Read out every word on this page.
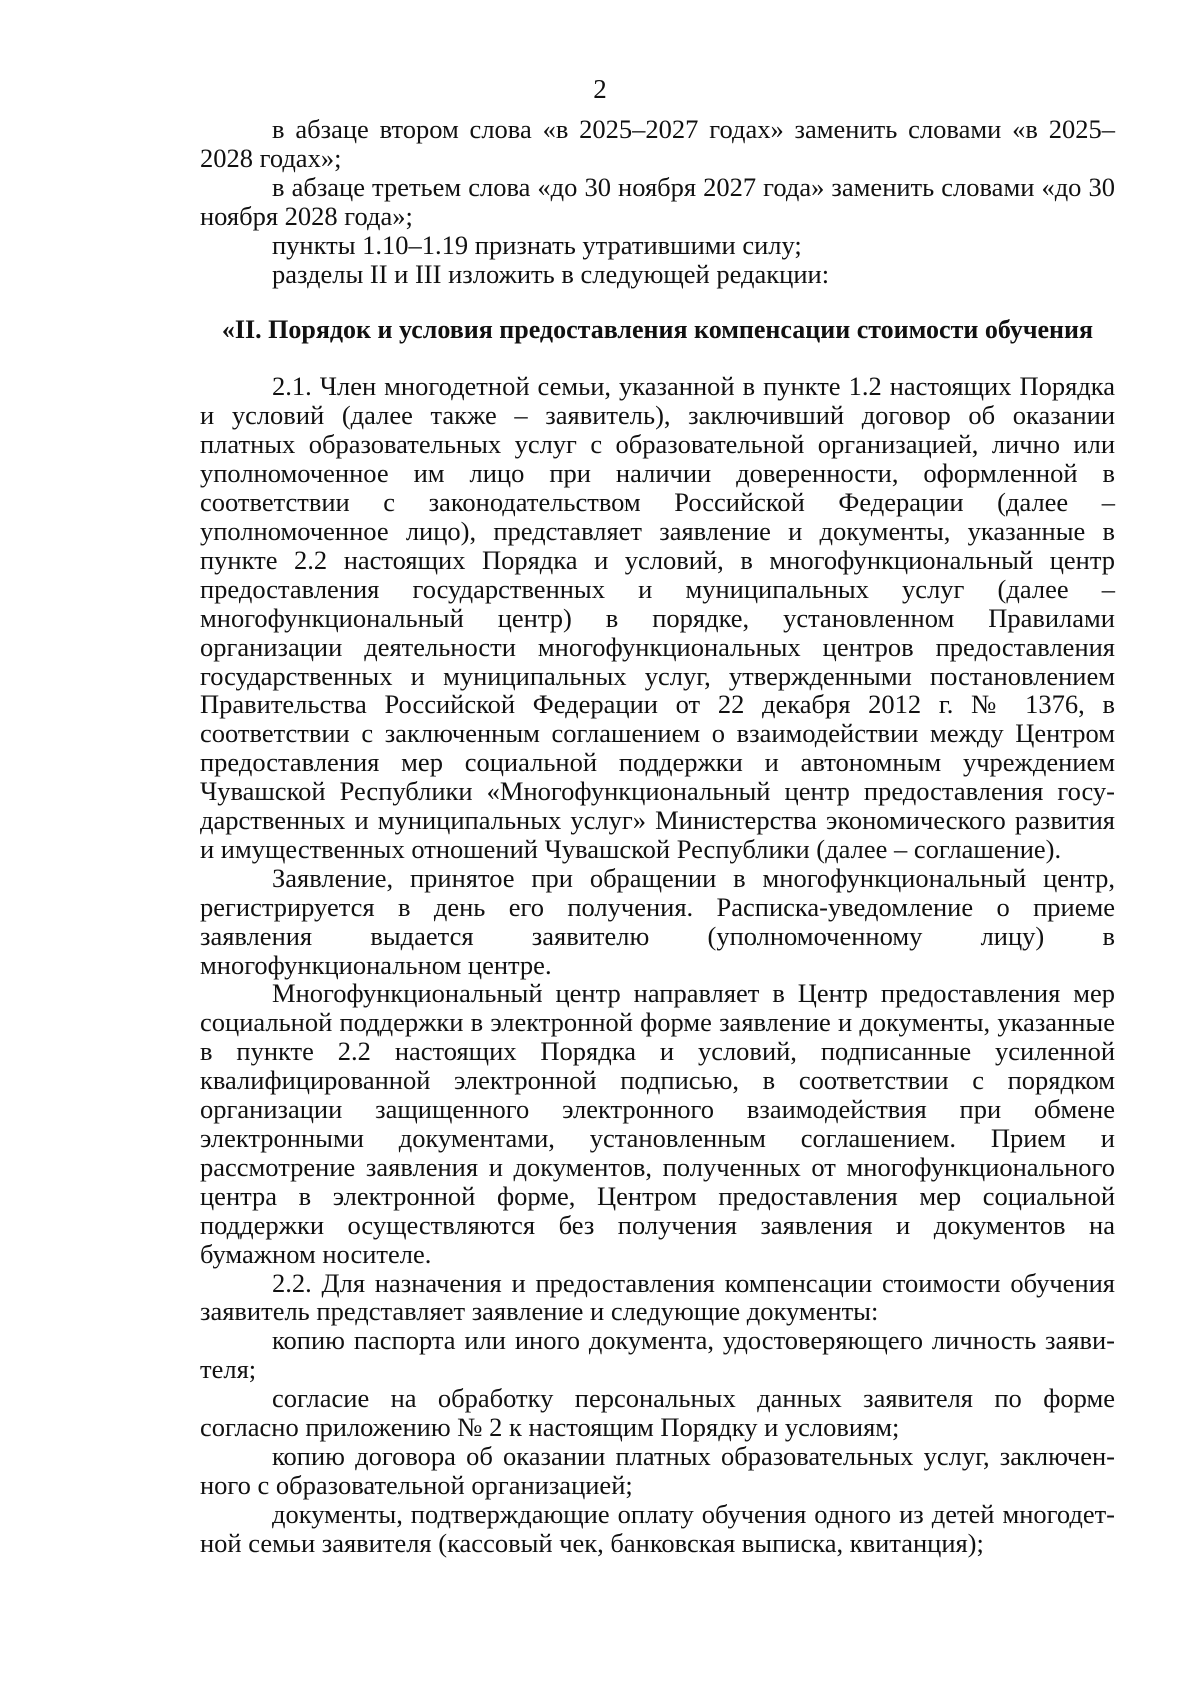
2

в абзаце втором слова «в 2025–2027 годах» заменить словами «в 2025–2028 годах»;

в абзаце третьем слова «до 30 ноября 2027 года» заменить словами «до 30 ноября 2028 года»;

пункты 1.10–1.19 признать утратившими силу;

разделы II и III изложить в следующей редакции:

«II. Порядок и условия предоставления компенсации стоимости обучения

2.1. Член многодетной семьи, указанной в пункте 1.2 настоящих Порядка и условий (далее также – заявитель), заключивший договор об оказании платных образовательных услуг с образовательной организацией, лично или уполномоченное им лицо при наличии доверенности, оформленной в соответствии с законодательством Российской Федерации (далее – уполномоченное лицо), представляет заявление и документы, указанные в пункте 2.2 настоящих Порядка и условий, в многофункциональный центр предоставления государственных и муниципальных услуг (далее – многофункциональный центр) в порядке, установленном Правилами организации деятельности многофункциональных центров предоставления государственных и муниципальных услуг, утвержденными постановлением Правительства Российской Федерации от 22 декабря 2012 г. № 1376, в соответствии с заключенным соглашением о взаимодействии между Центром предоставления мер социальной поддержки и автономным учреждением Чувашской Республики «Многофункциональный центр предоставления государственных и муниципальных услуг» Министерства экономического развития и имущественных отношений Чувашской Республики (далее – соглашение).

Заявление, принятое при обращении в многофункциональный центр, регистрируется в день его получения. Расписка-уведомление о приеме заявления выдается заявителю (уполномоченному лицу) в многофункциональном центре.

Многофункциональный центр направляет в Центр предоставления мер социальной поддержки в электронной форме заявление и документы, указанные в пункте 2.2 настоящих Порядка и условий, подписанные усиленной квалифицированной электронной подписью, в соответствии с порядком организации защищенного электронного взаимодействия при обмене электронными документами, установленным соглашением. Прием и рассмотрение заявления и документов, полученных от многофункционального центра в электронной форме, Центром предоставления мер социальной поддержки осуществляются без получения заявления и документов на бумажном носителе.

2.2. Для назначения и предоставления компенсации стоимости обучения заявитель представляет заявление и следующие документы:

копию паспорта или иного документа, удостоверяющего личность заявителя;

согласие на обработку персональных данных заявителя по форме согласно приложению № 2 к настоящим Порядку и условиям;

копию договора об оказании платных образовательных услуг, заключенного с образовательной организацией;

документы, подтверждающие оплату обучения одного из детей многодетной семьи заявителя (кассовый чек, банковская выписка, квитанция);
